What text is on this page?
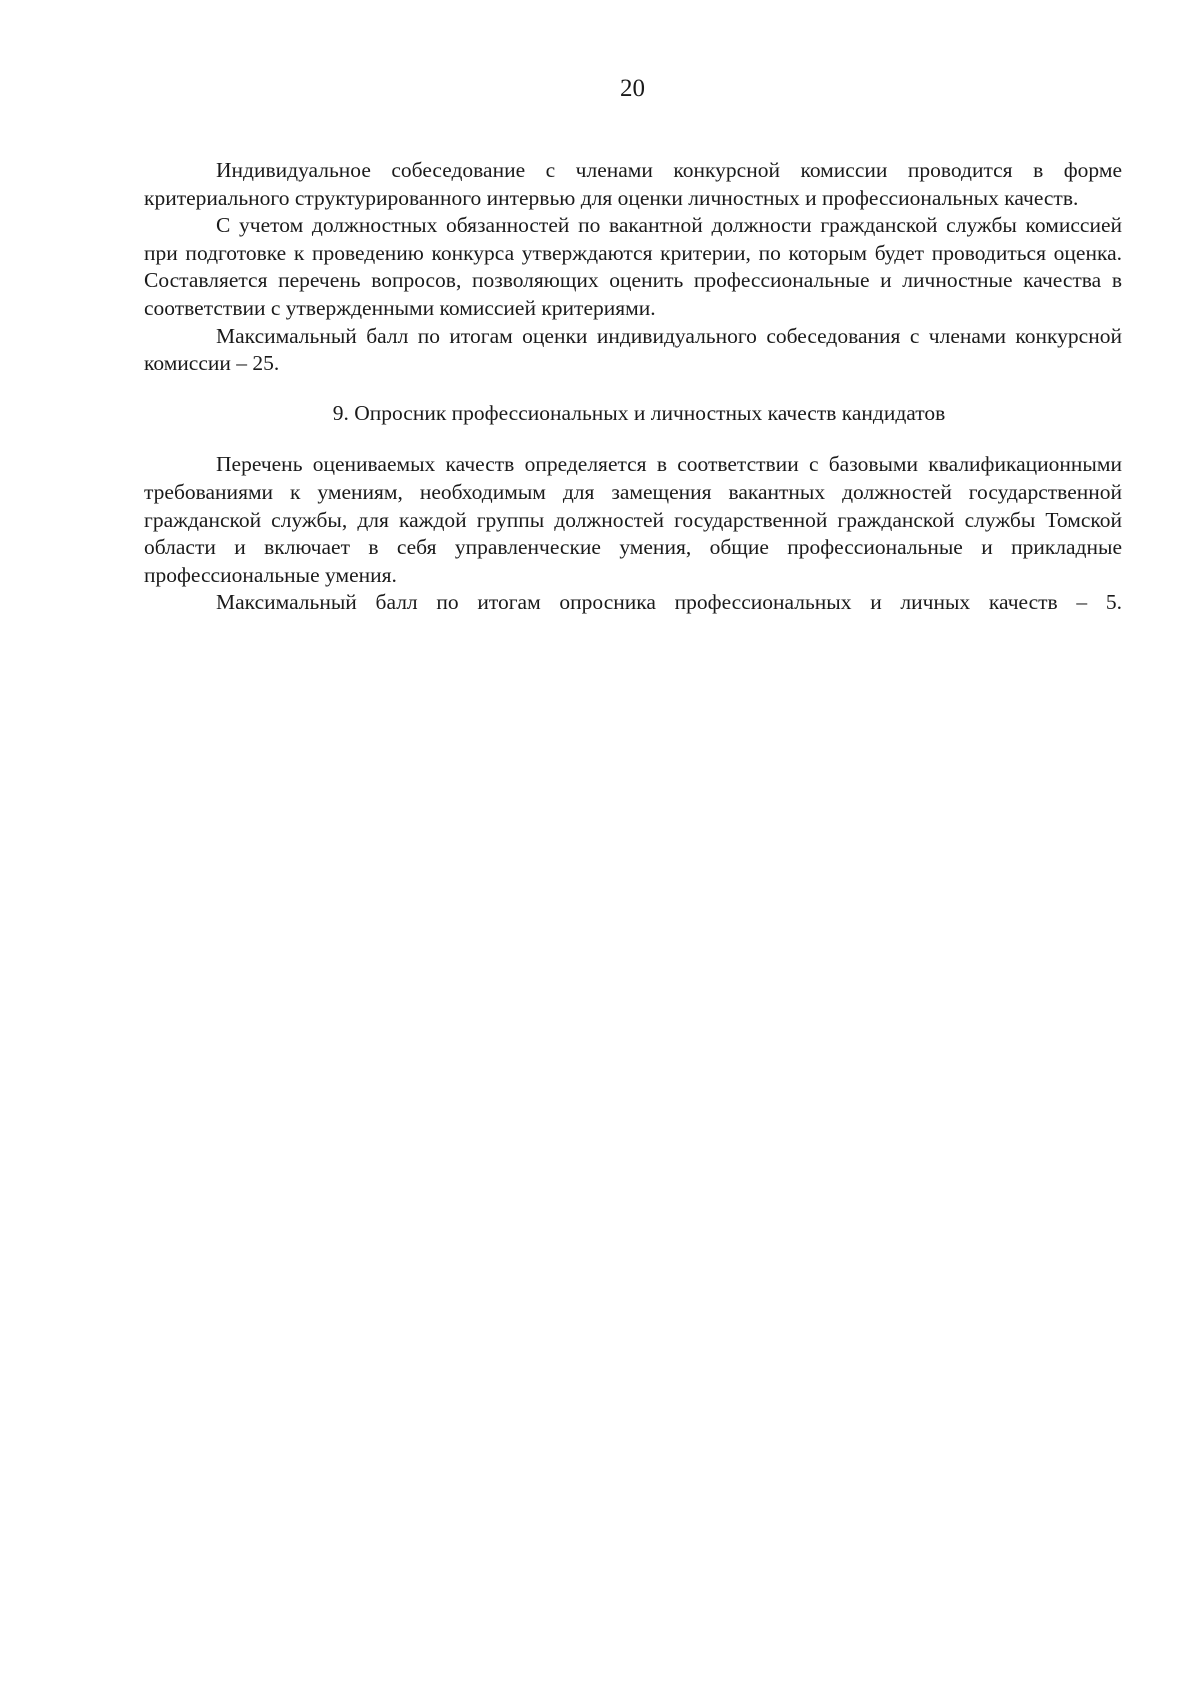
20

Индивидуальное собеседование с членами конкурсной комиссии проводится в форме критериального структурированного интервью для оценки личностных и профессиональных качеств.

С учетом должностных обязанностей по вакантной должности гражданской службы комиссией при подготовке к проведению конкурса утверждаются критерии, по которым будет проводиться оценка. Составляется перечень вопросов, позволяющих оценить профессиональные и личностные качества в соответствии с утвержденными комиссией критериями.

Максимальный балл по итогам оценки индивидуального собеседования с членами конкурсной комиссии – 25.

9. Опросник профессиональных и личностных качеств кандидатов

Перечень оцениваемых качеств определяется в соответствии с базовыми квалификационными требованиями к умениям, необходимым для замещения вакантных должностей государственной гражданской службы, для каждой группы должностей государственной гражданской службы Томской области и включает в себя управленческие умения, общие профессиональные и прикладные профессиональные умения.

Максимальный балл по итогам опросника профессиональных и личных качеств – 5.
